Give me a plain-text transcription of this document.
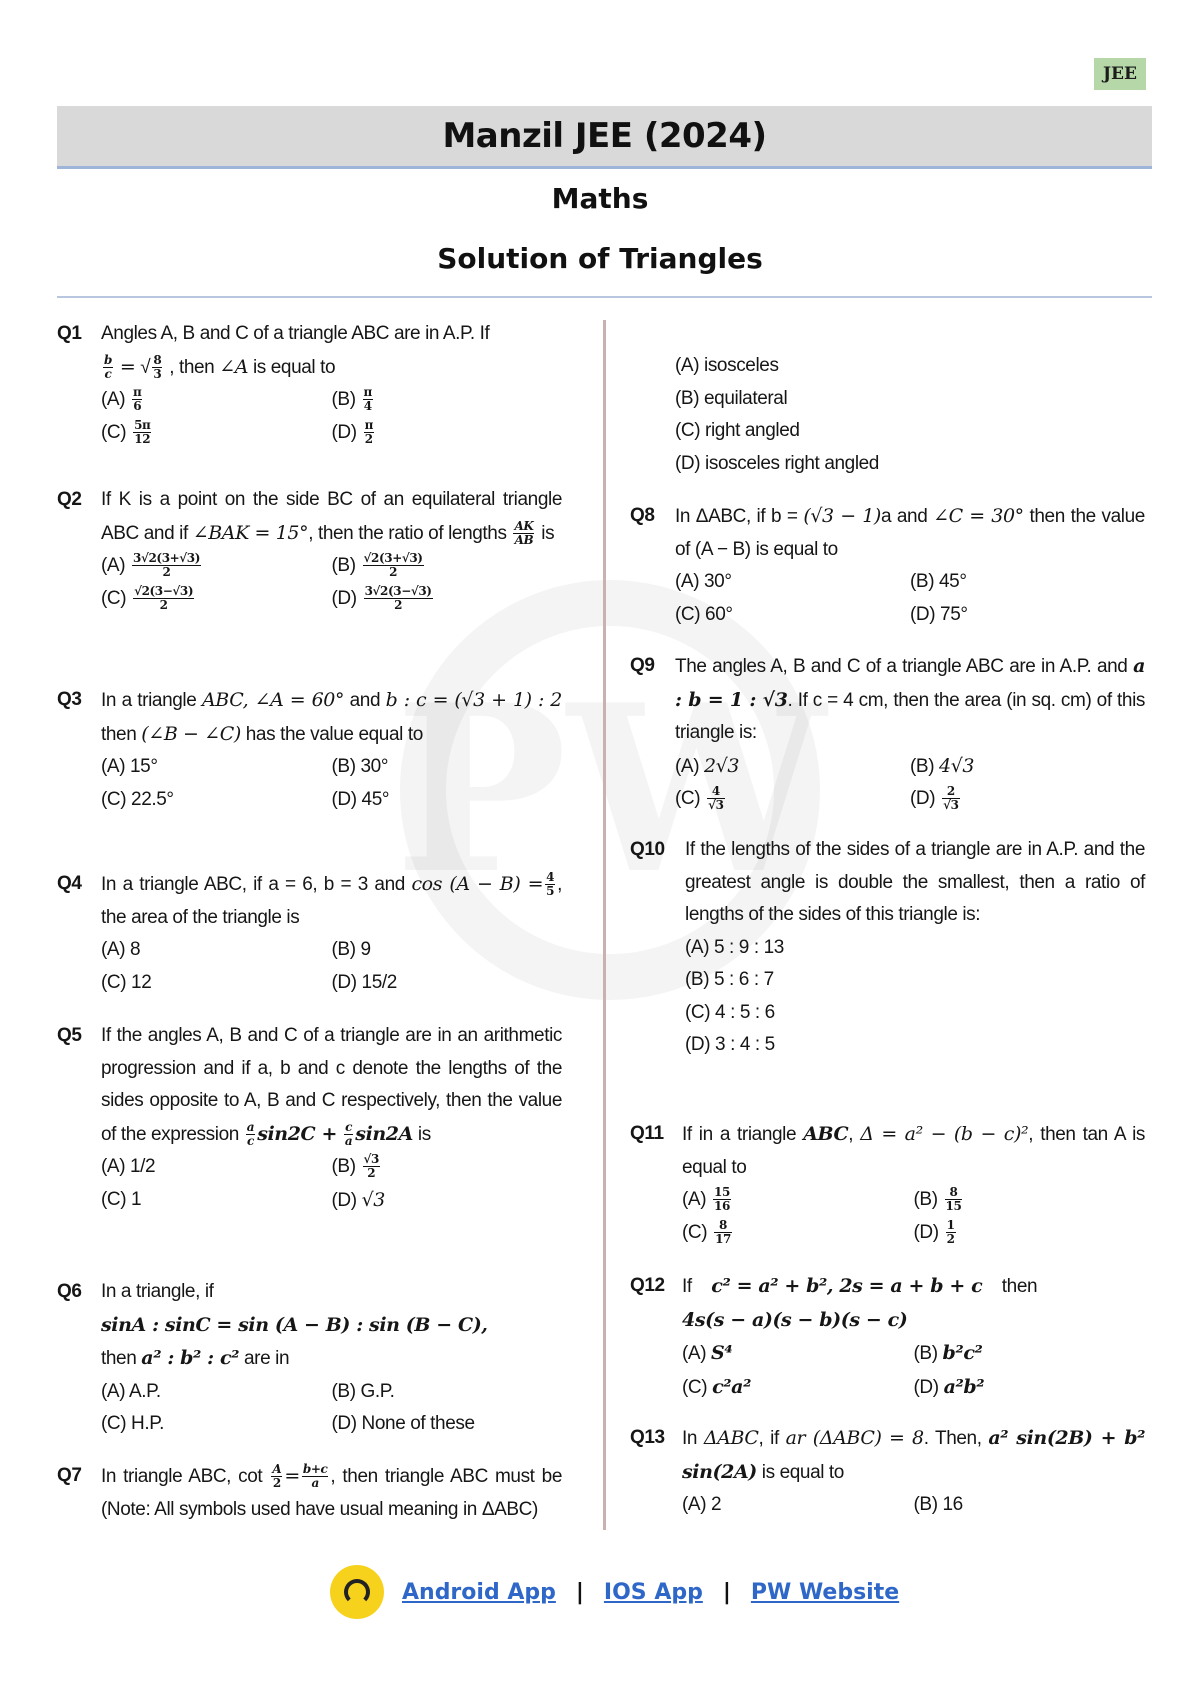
JEE
Manzil JEE (2024)
Maths
Solution of Triangles
Q1 Angles A, B and C of a triangle ABC are in A.P. If

$\frac{b}{c}$ = √ $\frac{8}{3}$ , then ∠A is equal to
$(A) \frac{\pi}{6}$	$(B) \frac{\pi}{4}$
$(C) \frac{5\pi}{12}$	$(D) \frac{\pi}{2}$
Q2 If K is a point on the side BC of an equilateral triangle ABC and if ∠BAK = 15°, then the ratio of lengths $\frac{AK}{AB}$ is
$(A) \frac{3√2(3+√3)}{2}$	$(B) \frac{√2(3+√3)}{2}$
$(C) \frac{√2(3-√3)}{2}$	$(D) \frac{3√2(3-√3)}{2}$
Q3 In a triangle ABC, ∠A = 60° and b : c = (√3 + 1) : 2 then (∠B − ∠C) has the value equal to
(A) 15°	(B) 30°
(C) 22.5°	(D) 45°
Q4 In a triangle ABC, if a = 6, b = 3 and $\cos (A - B) = \frac{4}{5}$ , the area of the triangle is
(A) 8	(B) 9
(C) 12	(D) 15/2
Q5 If the angles A, B and C of a triangle are in an arithmetic progression and if a, b and c denote the lengths of the sides opposite to A, B and C respectively, then the value of the expression $\frac{a}{c} \sin 2C + \frac{c}{a} \sin 2A$ is
(A) 1/2	$(B) \frac{√3}{2}$
(C) 1	(D) √3
Q6 In a triangle, if
sinA : sinC = sin (A − B) : sin (B − C),
then a² : b² : c² are in
(A) A.P.	(B) G.P.
(C) H.P.	(D) None of these
Q7 In triangle ABC, $\cot \frac{A}{2} = \frac{b+c}{a}$ , then triangle ABC must be (Note: All symbols used have usual meaning in ΔABC)
(A) isosceles
(B) equilateral
(C) right angled
(D) isosceles right angled
Q8 In ΔABC, if b = (√3 − 1)a and ∠C = 30° then the value of (A − B) is equal to
(A) 30°	(B) 45°
(C) 60°	(D) 75°
Q9 The angles A, B and C of a triangle ABC are in A.P. and a : b = 1 : √3. If c = 4 cm, then the area (in sq. cm) of this triangle is:
(A) 2√3	(B) 4√3
$(C) \frac{4}{√3}$	$(D) \frac{2}{√3}$
Q10 If the lengths of the sides of a triangle are in A.P. and the greatest angle is double the smallest, then a ratio of lengths of the sides of this triangle is:
(A) 5 : 9 : 13
(B) 5 : 6 : 7
(C) 4 : 5 : 6
(D) 3 : 4 : 5
Q11 If in a triangle ABC, Δ = a² − (b − c)², then tan A is equal to
$(A) \frac{15}{16}$	$(B) \frac{8}{15}$
$(C) \frac{8}{17}$	$(D) \frac{1}{2}$
Q12 If c² = a² + b², 2s = a + b + c then
4s(s − a)(s − b)(s − c)
(A) S⁴	(B) b²c²
(C) c²a²	(D) a²b²
Q13 In ΔABC, if ar (ΔABC) = 8. Then, a² sin(2B) + b² sin(2A) is equal to
(A) 2	(B) 16
Android App | IOS App | PW Website
